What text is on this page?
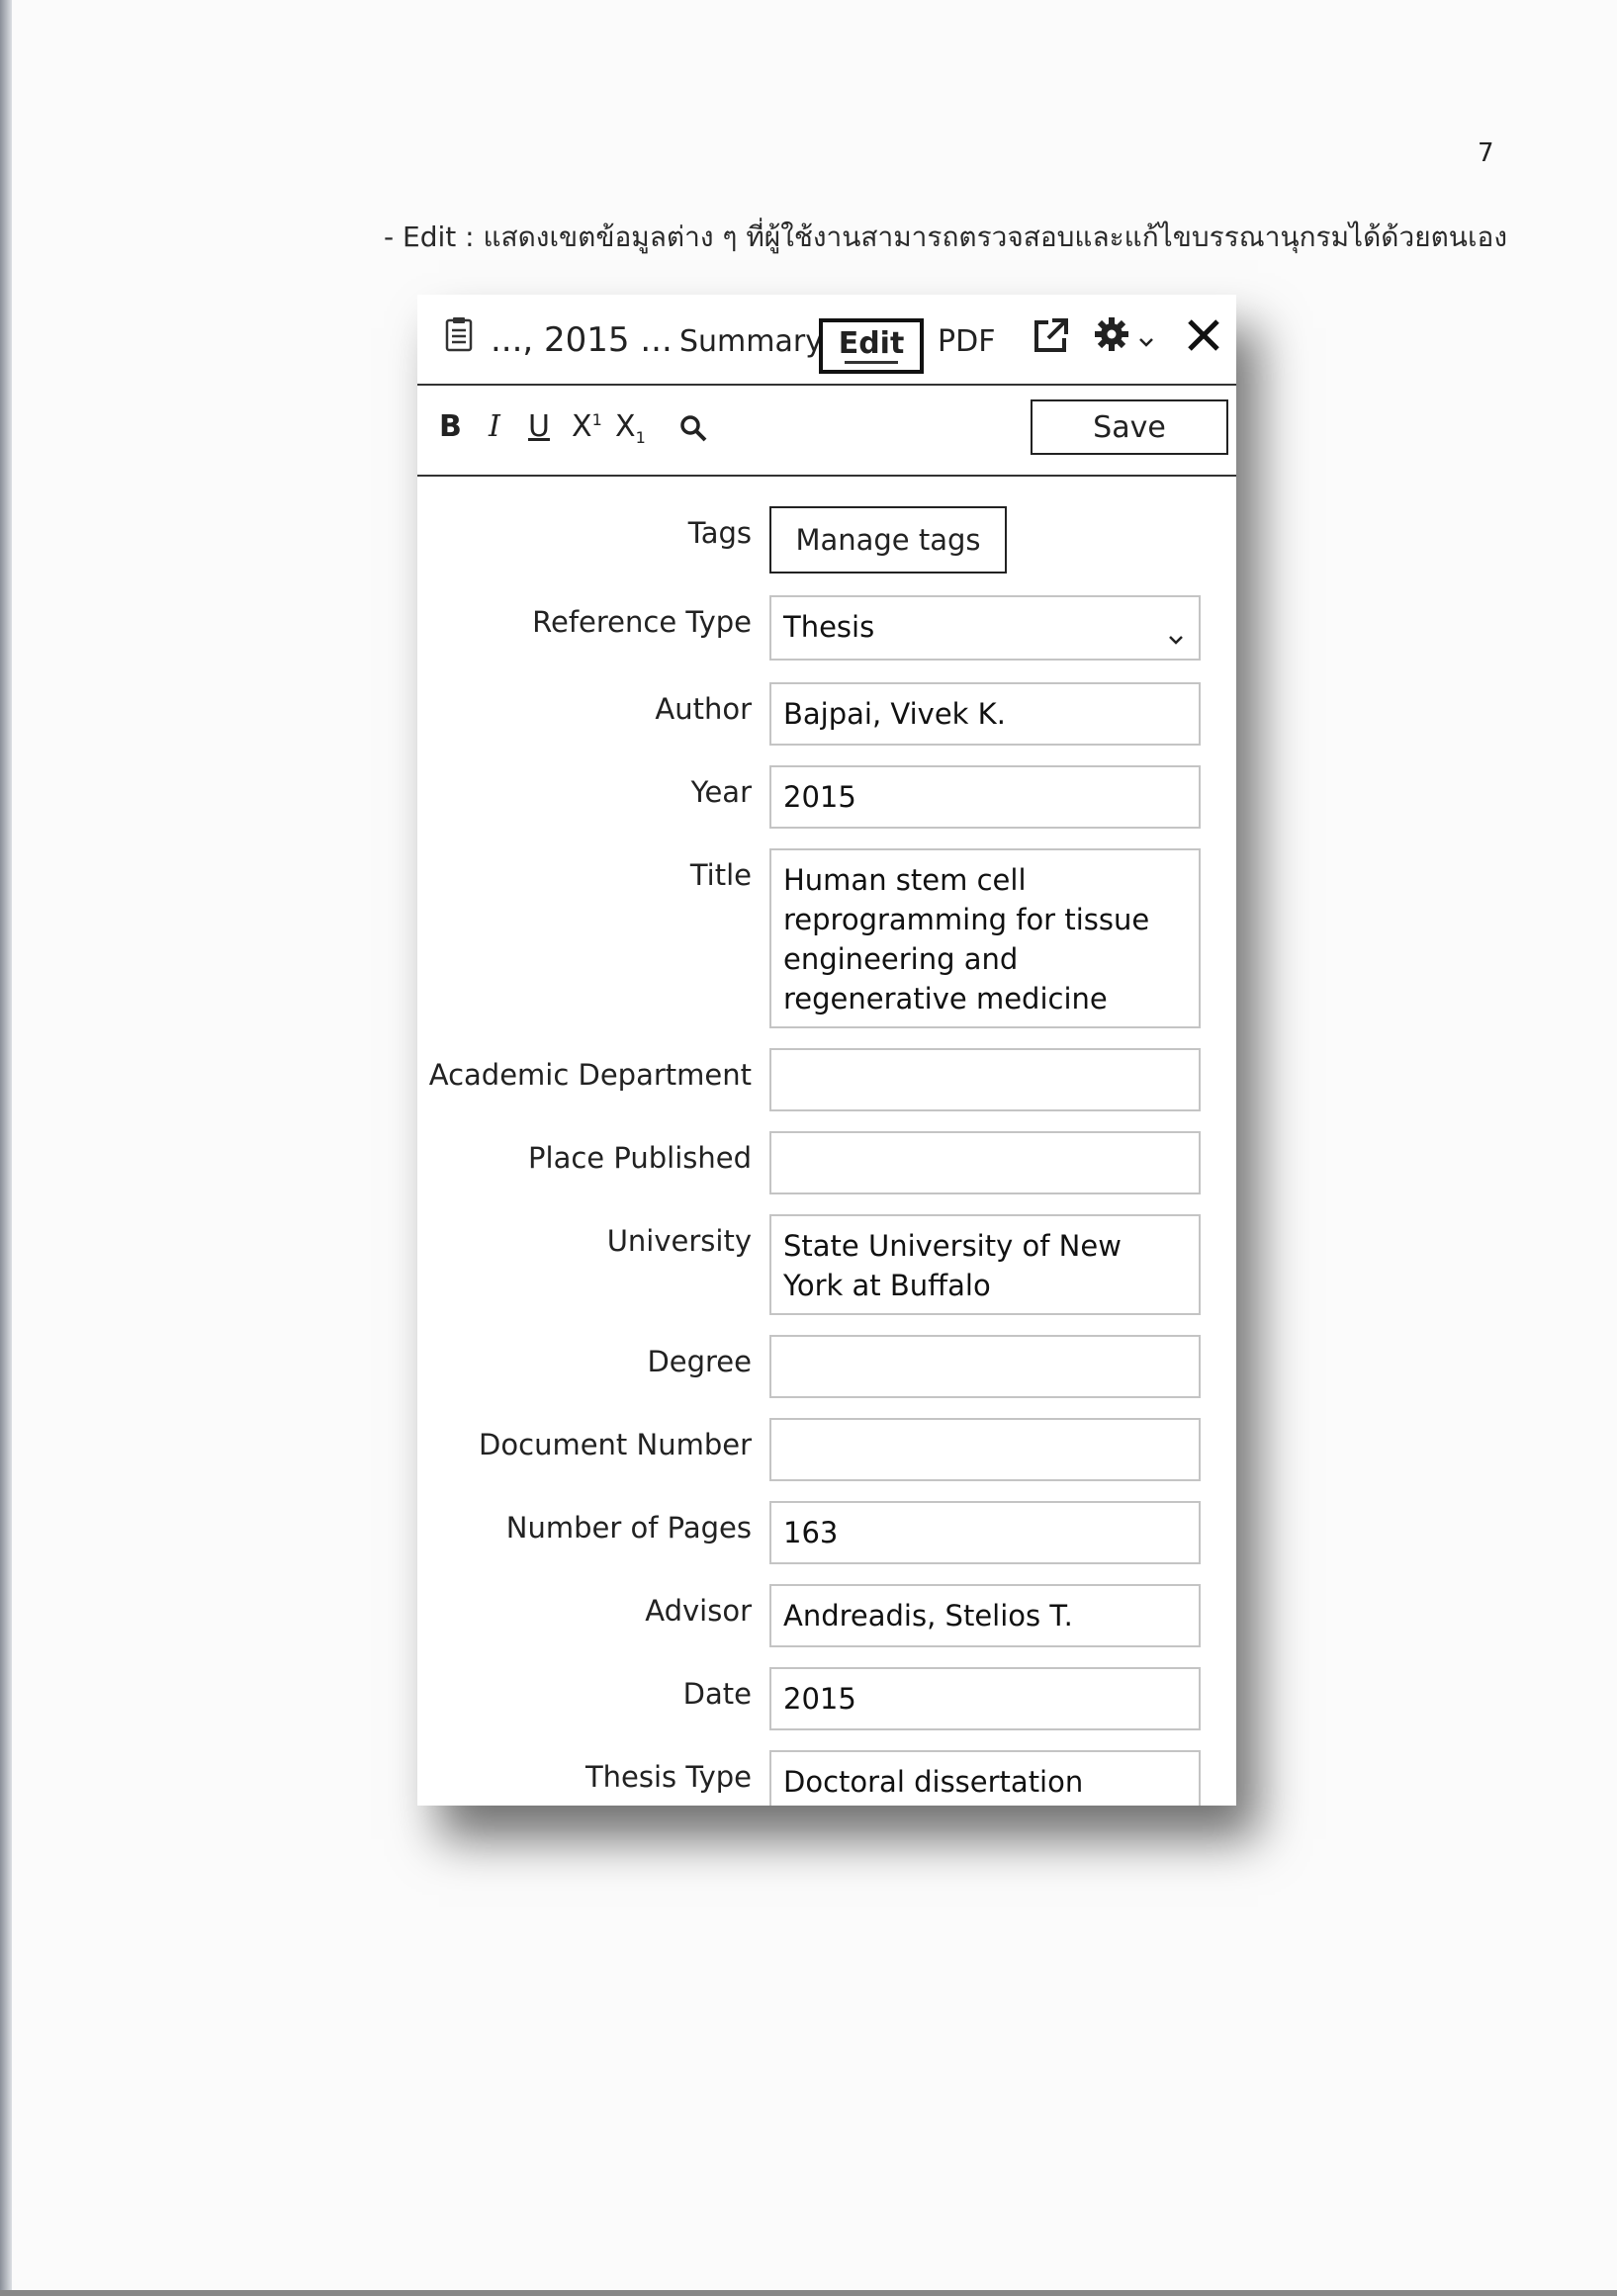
7
- Edit : แสดงเขตข้อมูลต่าง ๆ ที่ผู้ใช้งานสามารถตรวจสอบและแก้ไขบรรณานุกรมได้ด้วยตนเอง
..., 2015 ... Summary Edit	PDF
B I U $X^1$ $X_1$	Save
Tags	Manage tags
Reference Type	Thesis
Author	Bajpai, Vivek K.
Year	2015
Title	Human stem cell reprogramming for tissue engineering and regenerative medicine
Academic Department
Place Published
University	State University of New York at Buffalo
Degree
Document Number
Number of Pages	163
Advisor	Andreadis, Stelios T.
Date	2015
Thesis Type	Doctoral dissertation
